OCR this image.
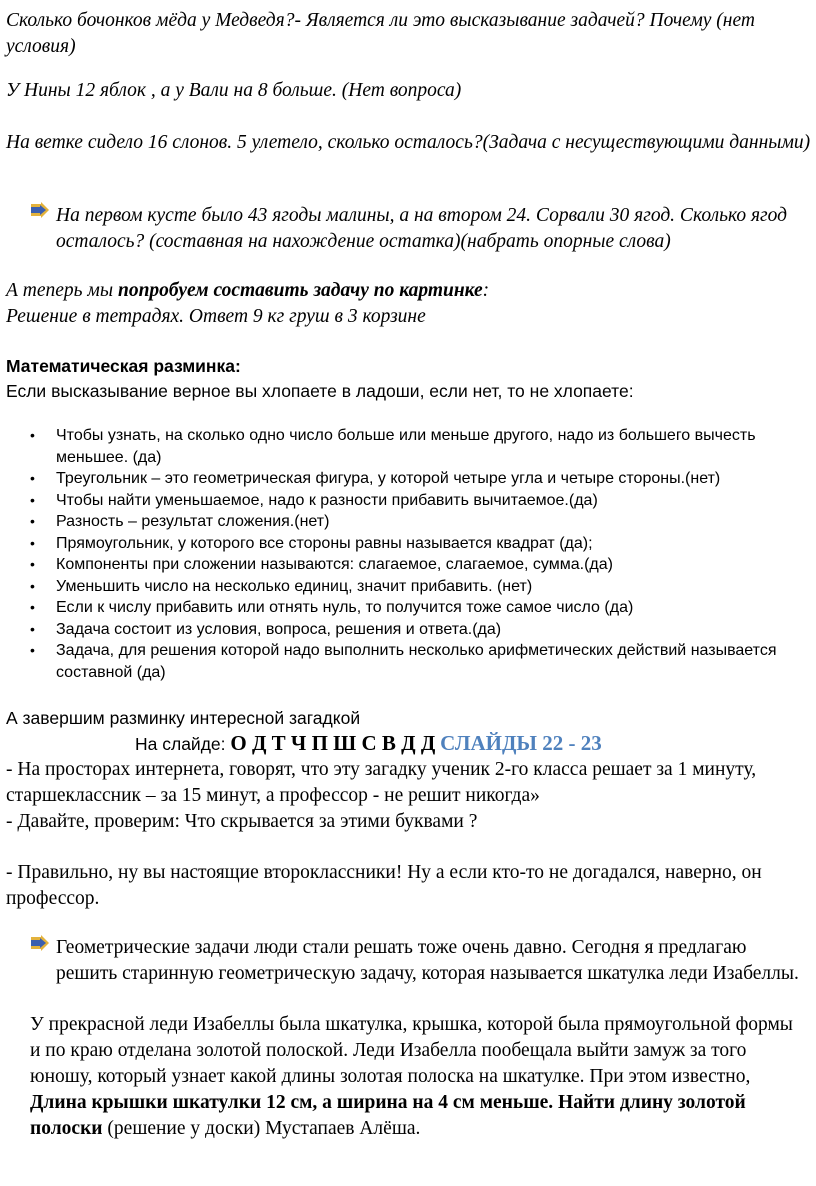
Сколько бочонков мёда у Медведя?- Является ли это высказывание задачей? Почему (нет условия)

У Нины 12 яблок , а у Вали на 8 больше. (Нет вопроса)

На ветке сидело 16 слонов. 5 улетело, сколько осталось?(Задача с несуществующими данными)

На первом кусте было 43 ягоды малины, а на втором 24. Сорвали 30 ягод. Сколько ягод осталось? (составная на нахождение остатка)(набрать опорные слова)

А теперь мы попробуем составить задачу по картинке:

Решение в тетрадях. Ответ 9 кг груш в 3 корзине

Математическая разминка:

Если высказывание верное вы хлопаете в ладоши, если нет, то не хлопаете:

• Чтобы узнать, на сколько одно число больше или меньше другого, надо из большего вычесть меньшее. (да)
• Треугольник – это геометрическая фигура, у которой четыре угла и четыре стороны.(нет)
• Чтобы найти уменьшаемое, надо к разности прибавить вычитаемое.(да)
• Разность – результат сложения.(нет)
• Прямоугольник, у которого все стороны равны называется квадрат (да);
• Компоненты при сложении называются: слагаемое, слагаемое, сумма.(да)
• Уменьшить число на несколько единиц, значит прибавить. (нет)
• Если к числу прибавить или отнять нуль, то получится тоже самое число (да)
• Задача состоит из условия, вопроса, решения и ответа.(да)
• Задача, для решения которой надо выполнить несколько арифметических действий называется составной (да)

А завершим разминку интересной загадкой

На слайде: О Д Т Ч П Ш С В Д Д СЛАЙДЫ 22 - 23

- На просторах интернета, говорят, что эту загадку ученик 2-го класса решает за 1 минуту, старшеклассник – за 15 минут, а профессор - не решит никогда»

- Давайте, проверим: Что скрывается за этими буквами ?

- Правильно, ну вы настоящие второклассники! Ну а если кто-то не догадался, наверно, он профессор.

Геометрические задачи люди стали решать тоже очень давно. Сегодня я предлагаю решить старинную геометрическую задачу, которая называется шкатулка леди Изабеллы.

У прекрасной леди Изабеллы была шкатулка, крышка, которой была прямоугольной формы и по краю отделана золотой полоской. Леди Изабелла пообещала выйти замуж за того юношу, который узнает какой длины золотая полоска на шкатулке. При этом известно, Длина крышки шкатулки 12 см, а ширина на 4 см меньше. Найти длину золотой полоски (решение у доски) Мустапаев Алёша.
